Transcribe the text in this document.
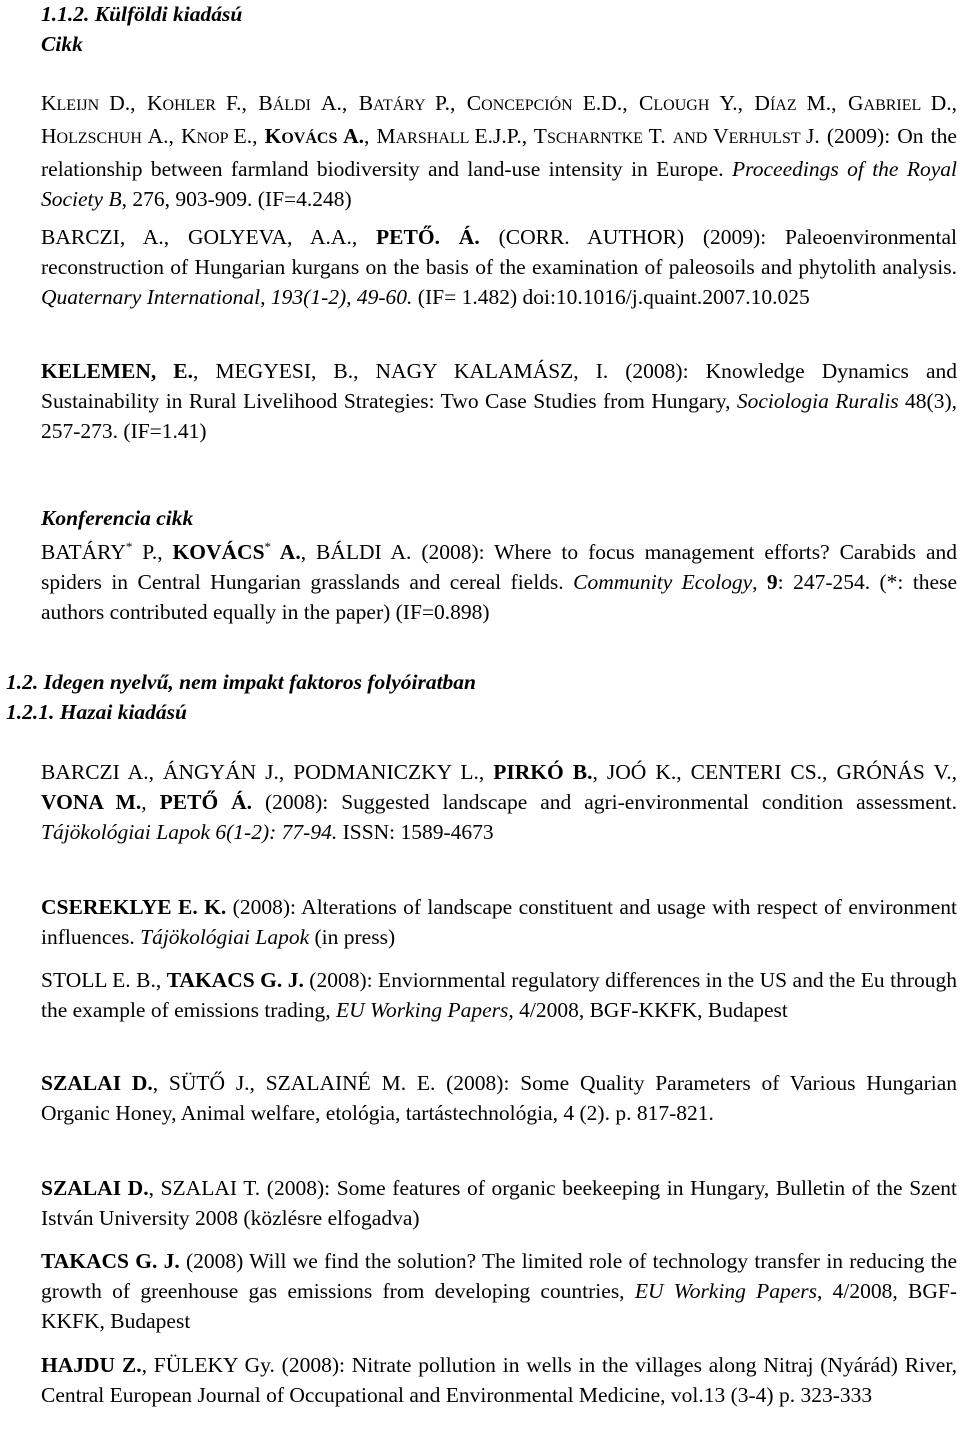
1.1.2. Külföldi kiadású
Cikk
KLEIJN D., KOHLER F., BÁLDI A., BATÁRY P., CONCEPCIÓN E.D., CLOUGH Y., DÍAZ M., GABRIEL D., HOLZSCHUH A., KNOP E., KOVÁCS A., MARSHALL E.J.P., TSCHARNTKE T. AND VERHULST J. (2009): On the relationship between farmland biodiversity and land-use intensity in Europe. Proceedings of the Royal Society B, 276, 903-909. (IF=4.248)
BARCZI, A., GOLYEVA, A.A., PETŐ. Á. (CORR. AUTHOR) (2009): Paleoenvironmental reconstruction of Hungarian kurgans on the basis of the examination of paleosoils and phytolith analysis. Quaternary International, 193(1-2), 49-60. (IF= 1.482) doi:10.1016/j.quaint.2007.10.025
KELEMEN, E., MEGYESI, B., NAGY KALAMÁSZ, I. (2008): Knowledge Dynamics and Sustainability in Rural Livelihood Strategies: Two Case Studies from Hungary, Sociologia Ruralis 48(3), 257-273. (IF=1.41)
Konferencia cikk
BATÁRY* P., KOVÁCS* A., BÁLDI A. (2008): Where to focus management efforts? Carabids and spiders in Central Hungarian grasslands and cereal fields. Community Ecology, 9: 247-254. (*: these authors contributed equally in the paper) (IF=0.898)
1.2. Idegen nyelvű, nem impakt faktoros folyóiratban
1.2.1. Hazai kiadású
BARCZI A., ÁNGYÁN J., PODMANICZKY L., PIRKÓ B., JOÓ K., CENTERI CS., GRÓNÁS V., VONA M., PETŐ Á. (2008): Suggested landscape and agri-environmental condition assessment. Tájökológiai Lapok 6(1-2): 77-94. ISSN: 1589-4673
CSEREKLYE E. K. (2008): Alterations of landscape constituent and usage with respect of environment influences. Tájökológiai Lapok (in press)
STOLL E. B., TAKACS G. J. (2008): Enviornmental regulatory differences in the US and the Eu through the example of emissions trading, EU Working Papers, 4/2008, BGF-KKFK, Budapest
SZALAI D., SÜTŐ J., SZALAINÉ M. E. (2008): Some Quality Parameters of Various Hungarian Organic Honey, Animal welfare, etológia, tartástechnológia, 4 (2). p. 817-821.
SZALAI D., SZALAI T. (2008): Some features of organic beekeeping in Hungary, Bulletin of the Szent István University 2008 (közlésre elfogadva)
TAKACS G. J. (2008) Will we find the solution? The limited role of technology transfer in reducing the growth of greenhouse gas emissions from developing countries, EU Working Papers, 4/2008, BGF-KKFK, Budapest
HAJDU Z., FÜLEKY Gy. (2008): Nitrate pollution in wells in the villages along Nitraj (Nyárád) River, Central European Journal of Occupational and Environmental Medicine, vol.13 (3-4) p. 323-333
